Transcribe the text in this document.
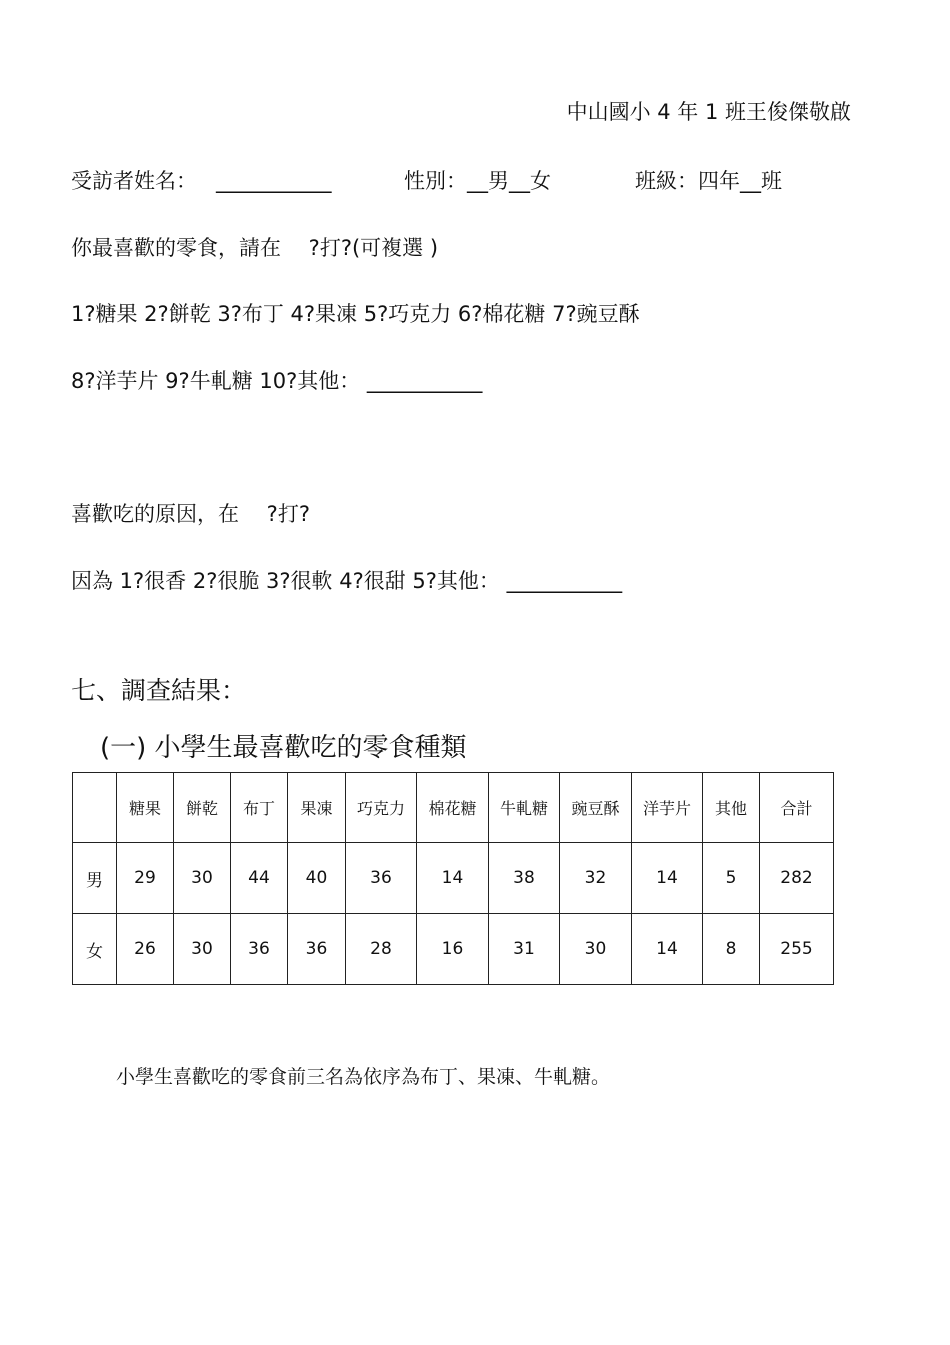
中山國小 4 年 1 班王俊傑敬啟
受訪者姓名： ___________	性別：__男__女	班級：四年__班
你最喜歡的零食，請在　 ?打?(可複選 )
1?糖果 2?餅乾 3?布丁 4?果凍 5?巧克力 6?棉花糖 7?豌豆酥
8?洋芋片 9?牛軋糖 10?其他： ___________
喜歡吃的原因，在　 ?打?
因為 1?很香 2?很脆 3?很軟 4?很甜 5?其他： ___________
七、調查結果：
(一) 小學生最喜歡吃的零食種類
	糖果	餅乾	布丁	果凍	巧克力	棉花糖	牛軋糖	豌豆酥	洋芋片	其他	合計
男	29	30	44	40	36	14	38	32	14	5	282
女	26	30	36	36	28	16	31	30	14	8	255
小學生喜歡吃的零食前三名為依序為布丁、果凍、牛軋糖。
